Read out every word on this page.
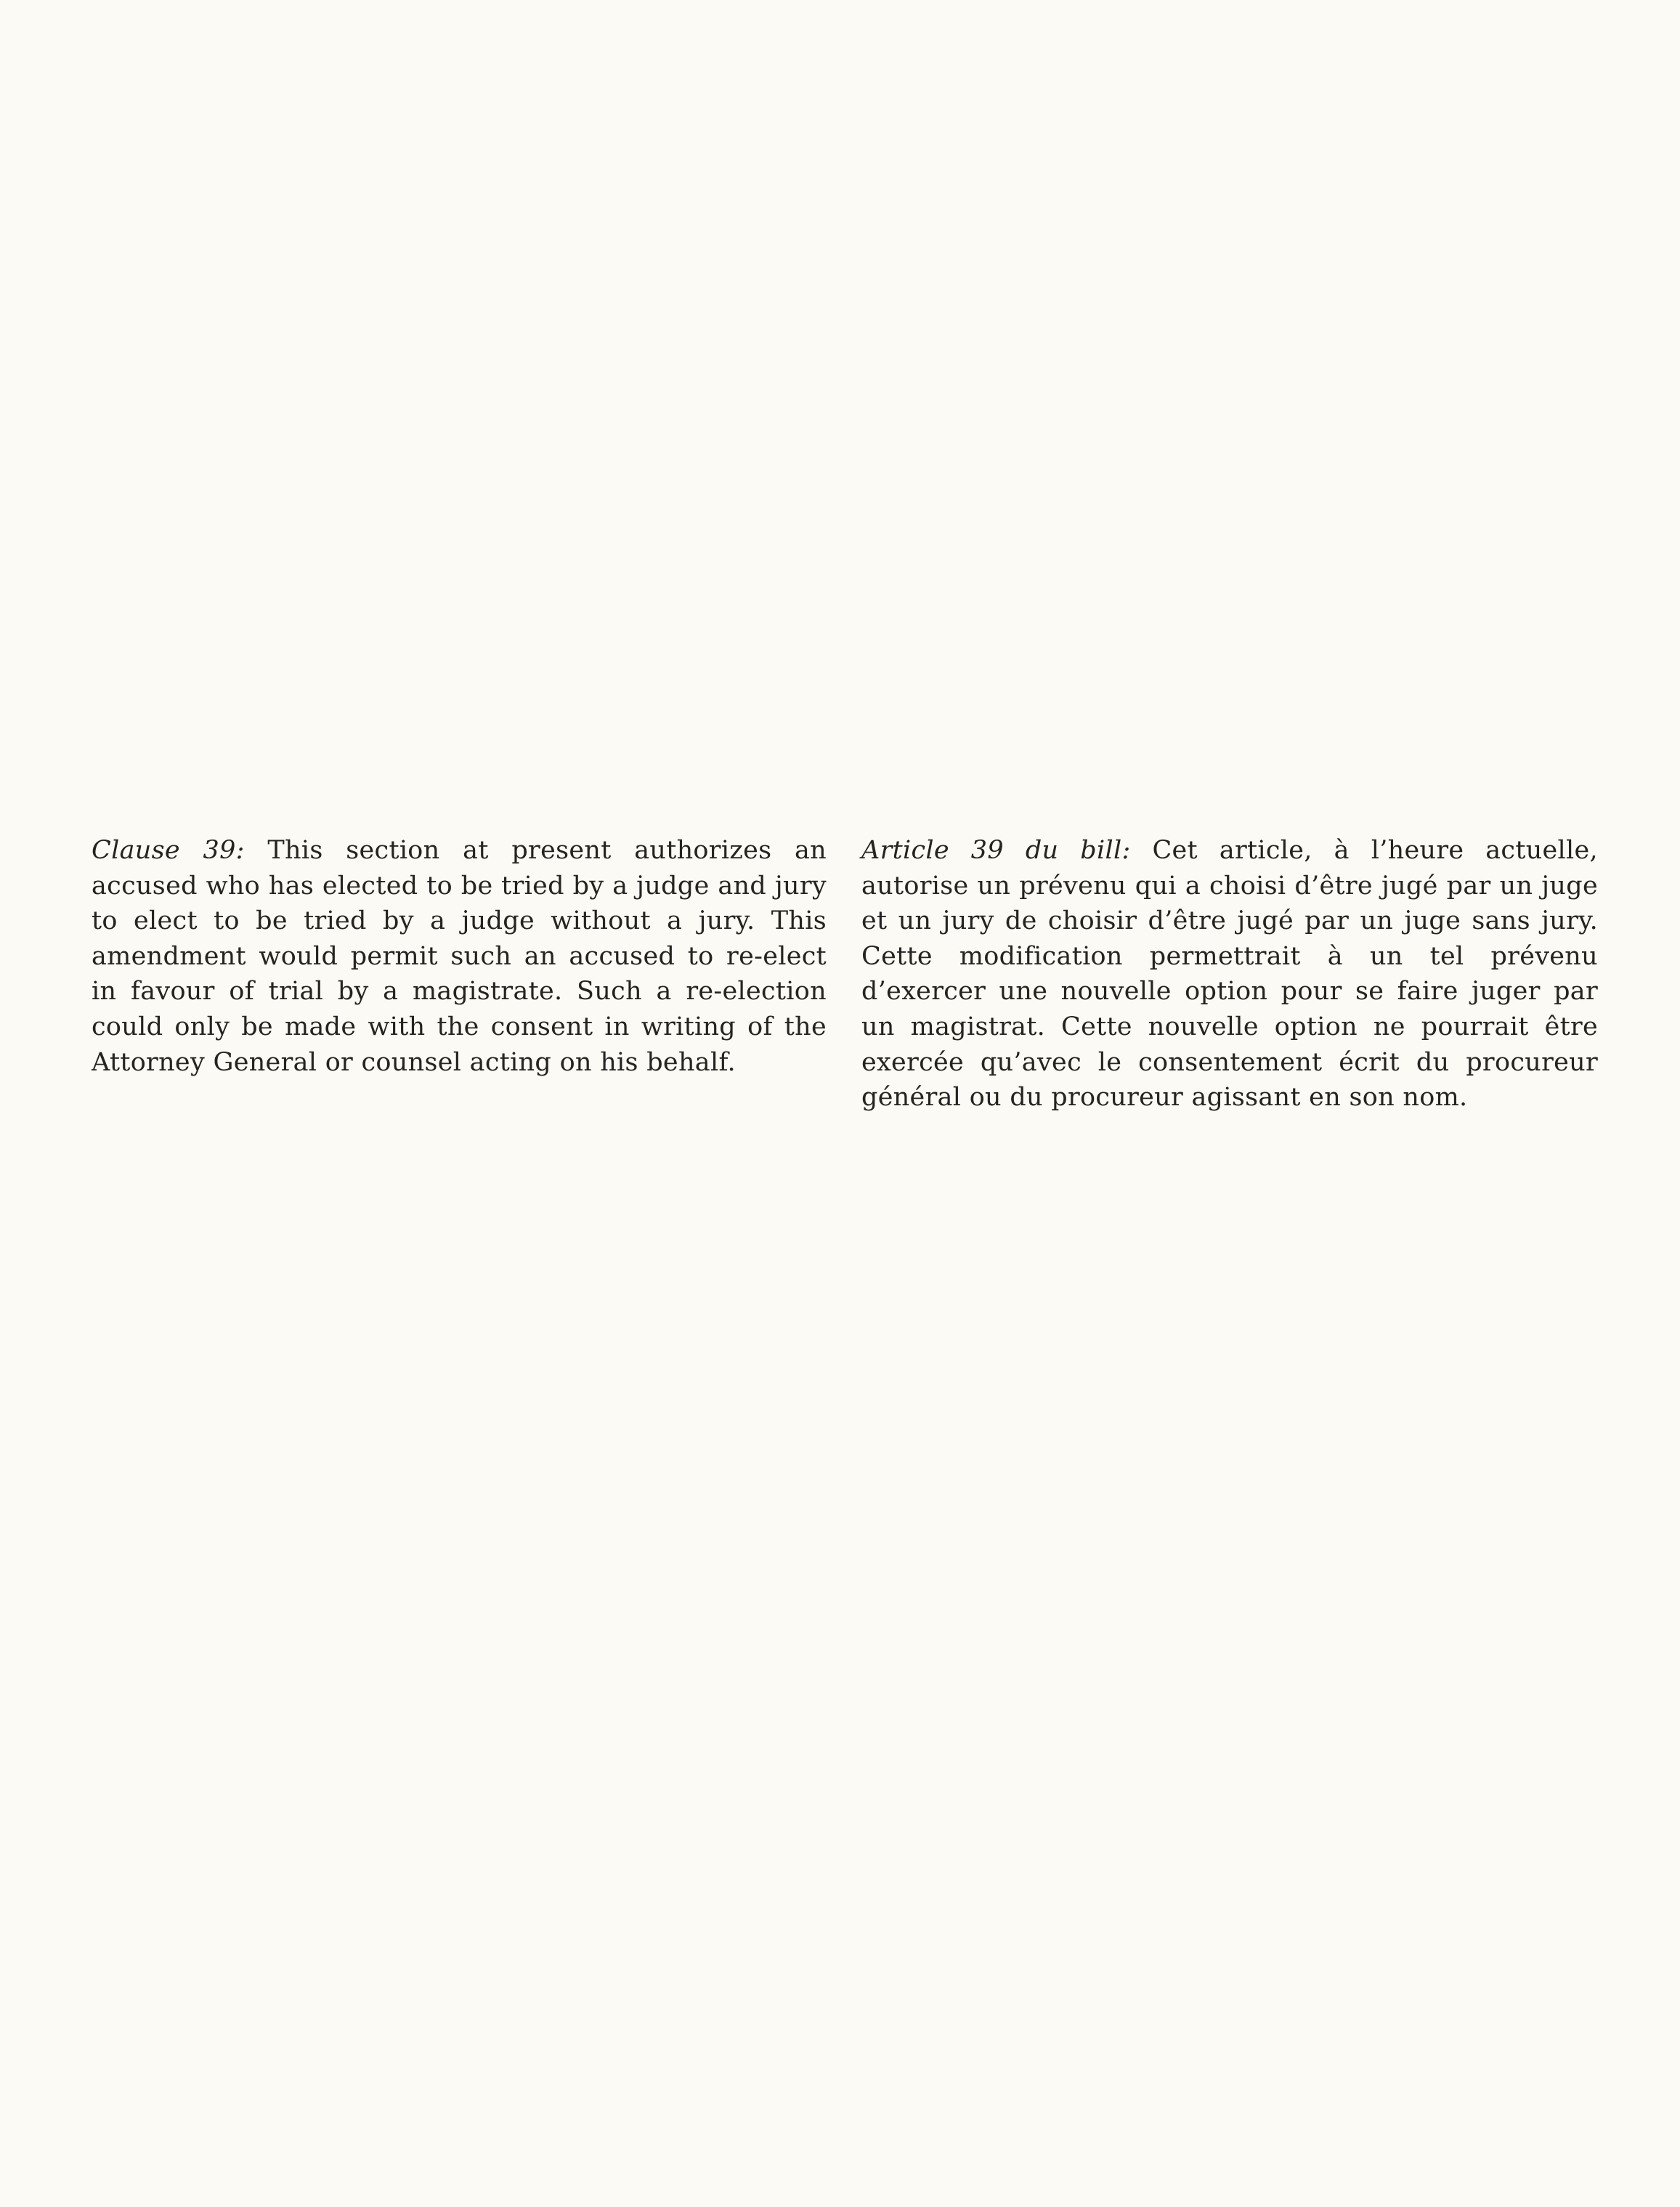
Clause 39: This section at present authorizes an accused who has elected to be tried by a judge and jury to elect to be tried by a judge without a jury. This amendment would permit such an accused to re-elect in favour of trial by a magistrate. Such a re-election could only be made with the consent in writing of the Attorney General or counsel acting on his behalf.

Article 39 du bill: Cet article, à l’heure actuelle, autorise un prévenu qui a choisi d’être jugé par un juge et un jury de choisir d’être jugé par un juge sans jury. Cette modification permettrait à un tel prévenu d’exercer une nouvelle option pour se faire juger par un magistrat. Cette nouvelle option ne pourrait être exercée qu’avec le consentement écrit du procureur général ou du procureur agissant en son nom.
